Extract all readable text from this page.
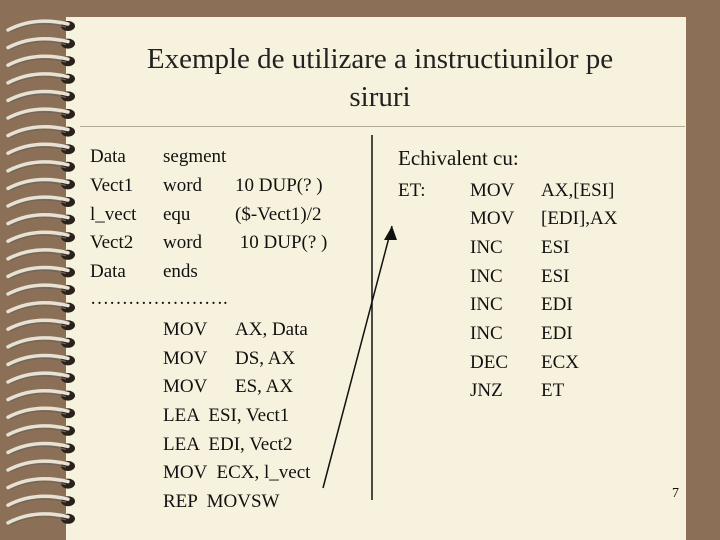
Exemple de utilizare a instructiunilor pe
siruri
Data segment
Vect1 word 10 DUP(? )
l_vect equ ($-Vect1)/2
Vect2 word 10 DUP(? )
Data ends
………………….
MOV AX, Data
MOV DS, AX
MOV ES, AX
LEA  ESI, Vect1
LEA  EDI, Vect2
MOV  ECX, l_vect
REP  MOVSW
Echivalent cu:
ET: MOV AX,[ESI]
MOV [EDI],AX
INC ESI
INC ESI
INC EDI
INC EDI
DEC ECX
JNZ ET
7
